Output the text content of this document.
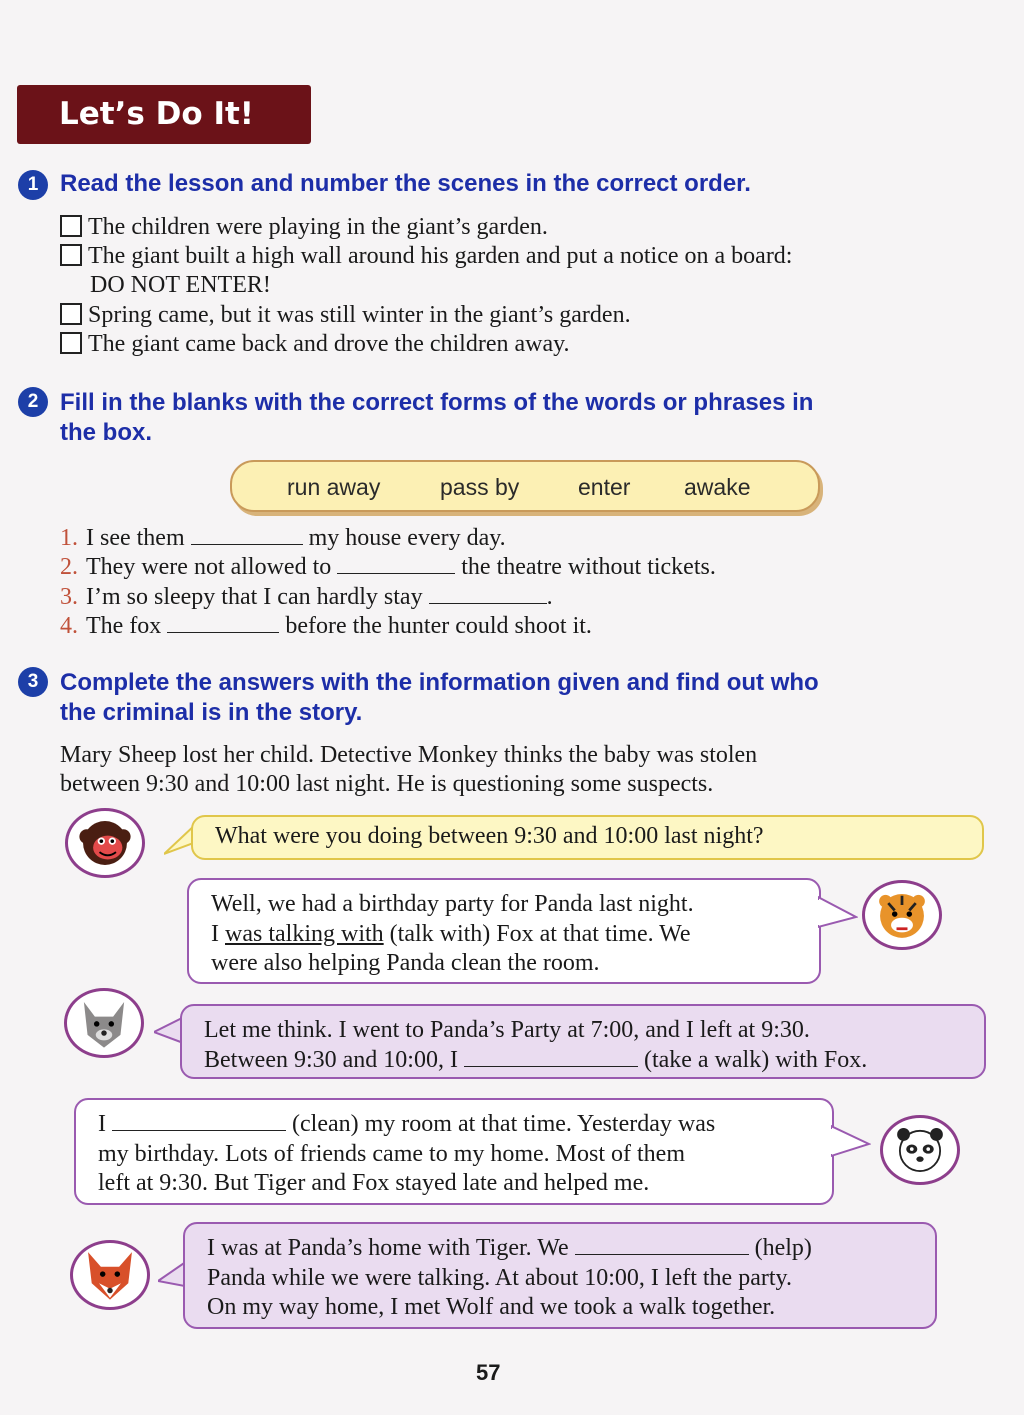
Let’s Do It!
1 Read the lesson and number the scenes in the correct order.
The children were playing in the giant’s garden.
The giant built a high wall around his garden and put a notice on a board:
DO NOT ENTER!
Spring came, but it was still winter in the giant’s garden.
The giant came back and drove the children away.
2 Fill in the blanks with the correct forms of the words or phrases in
the box.
run away	pass by	enter awake
1. I see them	my house every day.
2. They were not allowed to	the theatre without tickets.
3. I’m so sleepy that I can hardly stay	.
4. The fox	before the hunter could shoot it.
3 Complete the answers with the information given and find out who
the criminal is in the story.
Mary Sheep lost her child. Detective Monkey thinks the baby was stolen
between 9:30 and 10:00 last night. He is questioning some suspects.
What were you doing between 9:30 and 10:00 last night?
Well, we had a birthday party for Panda last night.
I was talking with (talk with) Fox at that time. We
were also helping Panda clean the room.
Let me think. I went to Panda’s Party at 7:00, and I left at 9:30.
Between 9:30 and 10:00, I	(take a walk) with Fox.
I	(clean) my room at that time. Yesterday was
my birthday. Lots of friends came to my home. Most of them
left at 9:30. But Tiger and Fox stayed late and helped me.
I was at Panda’s home with Tiger. We	(help)
Panda while we were talking. At about 10:00, I left the party.
On my way home, I met Wolf and we took a walk together.
57
